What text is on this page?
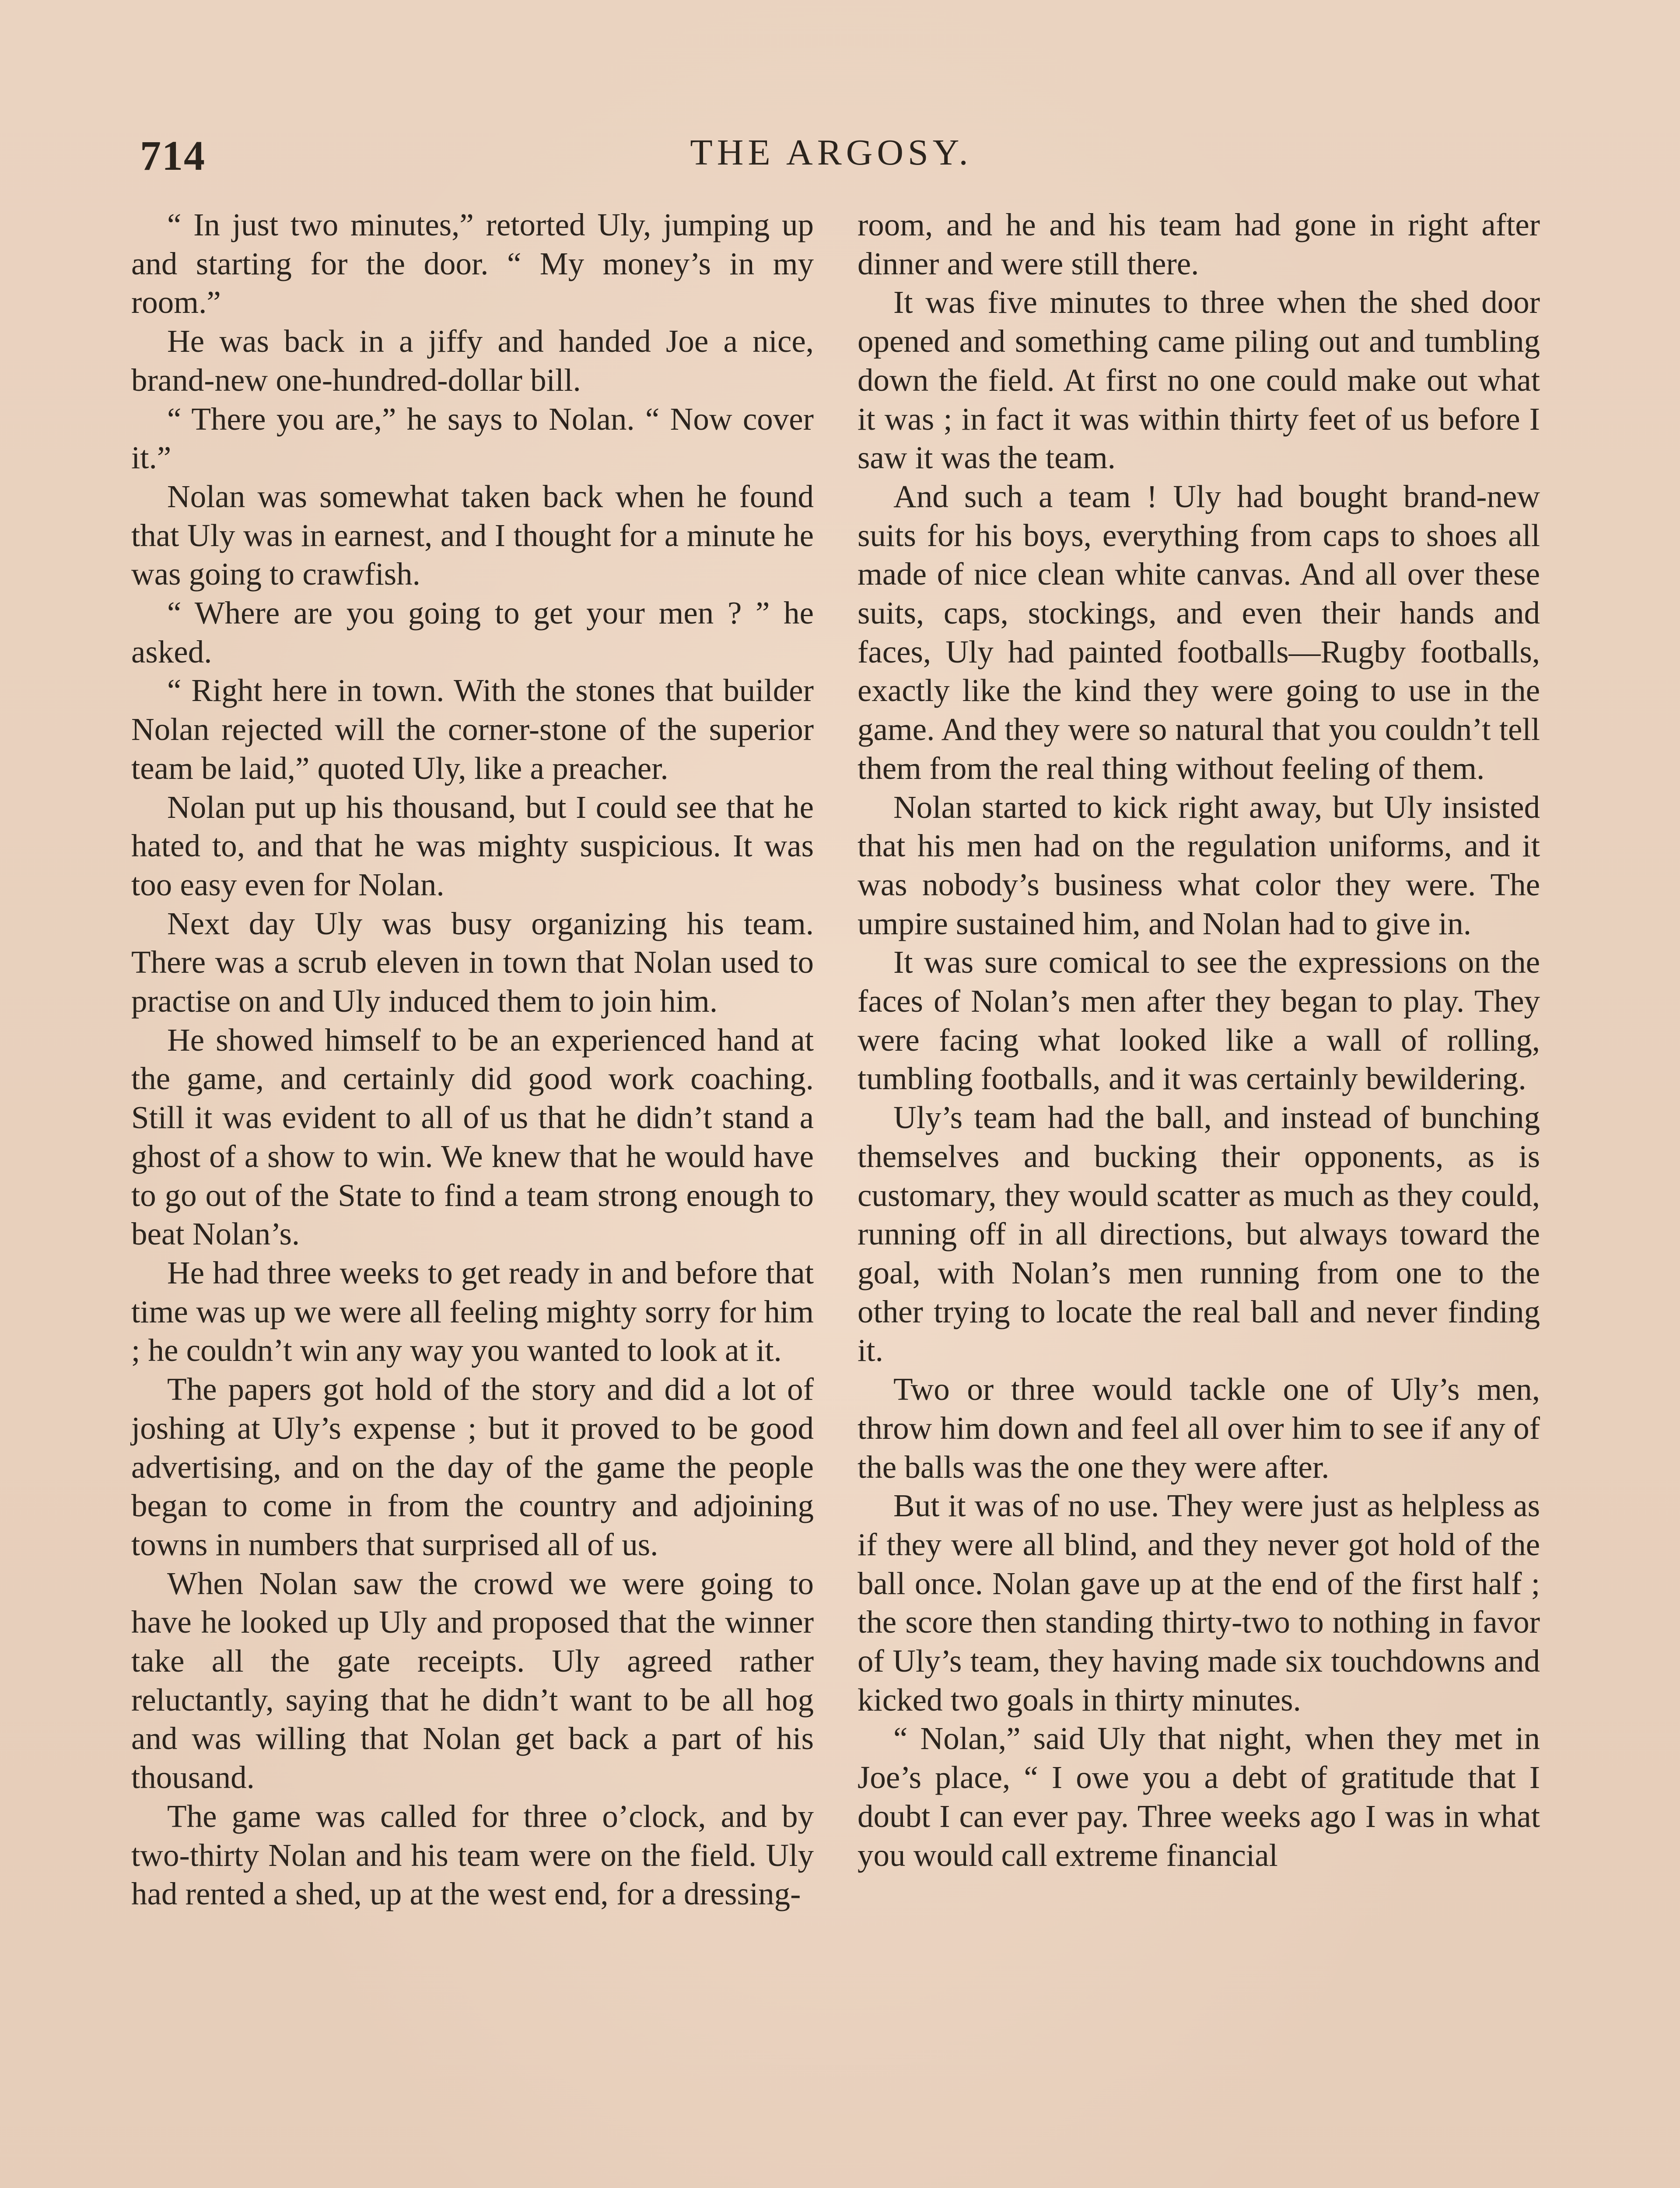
714	THE ARGOSY.

“ In just two minutes,” retorted Uly, jumping up and starting for the door. “ My money’s in my room.”

He was back in a jiffy and handed Joe a nice, brand-new one-hundred-dollar bill.

“ There you are,” he says to Nolan. “ Now cover it.”

Nolan was somewhat taken back when he found that Uly was in earnest, and I thought for a minute he was going to crawfish.

“ Where are you going to get your men ? ” he asked.

“ Right here in town. With the stones that builder Nolan rejected will the corner-stone of the superior team be laid,” quoted Uly, like a preacher.

Nolan put up his thousand, but I could see that he hated to, and that he was mighty suspicious. It was too easy even for Nolan.

Next day Uly was busy organizing his team. There was a scrub eleven in town that Nolan used to practise on and Uly induced them to join him.

He showed himself to be an experienced hand at the game, and certainly did good work coaching. Still it was evident to all of us that he didn’t stand a ghost of a show to win. We knew that he would have to go out of the State to find a team strong enough to beat Nolan’s.

He had three weeks to get ready in and before that time was up we were all feeling mighty sorry for him ; he couldn’t win any way you wanted to look at it.

The papers got hold of the story and did a lot of joshing at Uly’s expense ; but it proved to be good advertising, and on the day of the game the people began to come in from the country and adjoining towns in numbers that surprised all of us.

When Nolan saw the crowd we were going to have he looked up Uly and proposed that the winner take all the gate receipts. Uly agreed rather reluctantly, saying that he didn’t want to be all hog and was willing that Nolan get back a part of his thousand.

The game was called for three o’clock, and by two-thirty Nolan and his team were on the field. Uly had rented a shed, up at the west end, for a dressing-

room, and he and his team had gone in right after dinner and were still there.

It was five minutes to three when the shed door opened and something came piling out and tumbling down the field. At first no one could make out what it was ; in fact it was within thirty feet of us before I saw it was the team.

And such a team ! Uly had bought brand-new suits for his boys, everything from caps to shoes all made of nice clean white canvas. And all over these suits, caps, stockings, and even their hands and faces, Uly had painted footballs—Rugby footballs, exactly like the kind they were going to use in the game. And they were so natural that you couldn’t tell them from the real thing without feeling of them.

Nolan started to kick right away, but Uly insisted that his men had on the regulation uniforms, and it was nobody’s business what color they were. The umpire sustained him, and Nolan had to give in.

It was sure comical to see the expressions on the faces of Nolan’s men after they began to play. They were facing what looked like a wall of rolling, tumbling footballs, and it was certainly bewildering.

Uly’s team had the ball, and instead of bunching themselves and bucking their opponents, as is customary, they would scatter as much as they could, running off in all directions, but always toward the goal, with Nolan’s men running from one to the other trying to locate the real ball and never finding it.

Two or three would tackle one of Uly’s men, throw him down and feel all over him to see if any of the balls was the one they were after.

But it was of no use. They were just as helpless as if they were all blind, and they never got hold of the ball once. Nolan gave up at the end of the first half ; the score then standing thirty-two to nothing in favor of Uly’s team, they having made six touchdowns and kicked two goals in thirty minutes.

“ Nolan,” said Uly that night, when they met in Joe’s place, “ I owe you a debt of gratitude that I doubt I can ever pay. Three weeks ago I was in what you would call extreme financial
